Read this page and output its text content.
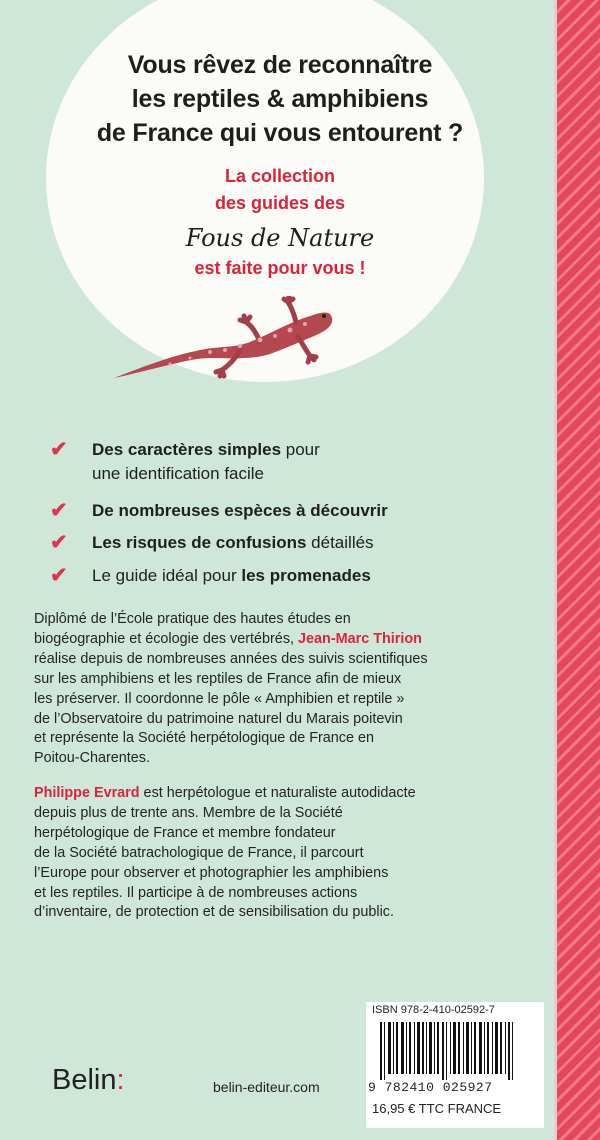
Vous rêvez de reconnaître
les reptiles & amphibiens
de France qui vous entourent ?
La collection
des guides des
Fous de Nature
est faite pour vous !
✔ Des caractères simples pour
une identification facile
✔ De nombreuses espèces à découvrir
✔ Les risques de confusions détaillés
✔ Le guide idéal pour les promenades
Diplômé de l’École pratique des hautes études en
biogéographie et écologie des vertébrés, Jean-Marc Thirion
réalise depuis de nombreuses années des suivis scientifiques
sur les amphibiens et les reptiles de France afin de mieux
les préserver. Il coordonne le pôle « Amphibien et reptile »
de l’Observatoire du patrimoine naturel du Marais poitevin
et représente la Société herpétologique de France en
Poitou-Charentes.
Philippe Evrard est herpétologue et naturaliste autodidacte
depuis plus de trente ans. Membre de la Société
herpétologique de France et membre fondateur
de la Société batrachologique de France, il parcourt
l’Europe pour observer et photographier les amphibiens
et les reptiles. Il participe à de nombreuses actions
d’inventaire, de protection et de sensibilisation du public.
Belin:	belin-editeur.com
ISBN 978-2-410-02592-7
9 782410 025927
16,95 € TTC FRANCE
